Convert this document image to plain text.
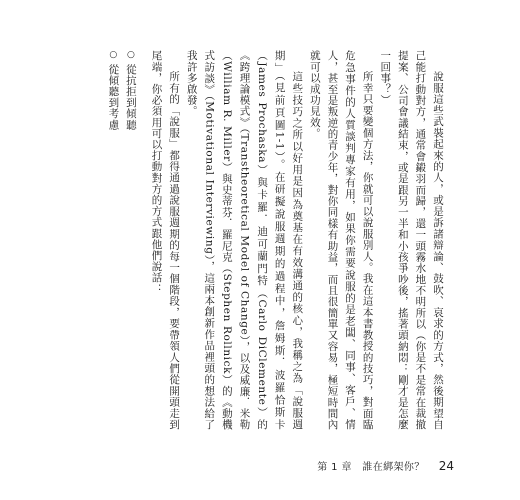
說服這些武裝起來的人，或是訴諸辯論、鼓吹、哀求的方式，然後期望自己能打動對方，通常會鎩羽而歸，還一頭霧水地不明所以（你是不是常在裁撤提案、公司會議結束，或是跟另一半和小孩爭吵後，搖著頭納悶：剛才是怎麼一回事？）

所幸只要變個方法，你就可以說服別人。我在這本書教授的技巧，對面臨危急事件的人質談判專家有用，如果你需要說服的是老闆、同事、客戶、情人，甚至是叛逆的青少年，對你同樣有助益，而且很簡單又容易，極短時間內就可以成功見效。

這些技巧之所以好用是因為奠基在有效溝通的核心，我稱之為「說服週期」（見前頁圖1-1）。在研擬說服週期的過程中，詹姆斯．波羅恰斯卡（James Prochaska）與卡羅．迪可蘭門特（Carlo DiClemente）的《跨理論模式》（Transtheoretical Model of Change），以及威廉．米勒（William R. Miller）與史蒂芬．羅尼克（Stephen Rollnick）的《動機式訪談》（Motivational Interviewing），這兩本創新作品裡頭的想法給了我許多啟發。

所有的「說服」都得通過說服週期的每一個階段，要帶領人們從開頭走到尾端，你必須用可以打動對方的方式跟他們說話：

○從抗拒到傾聽
○從傾聽到考慮
第 1 章　誰在綁架你？ 24
